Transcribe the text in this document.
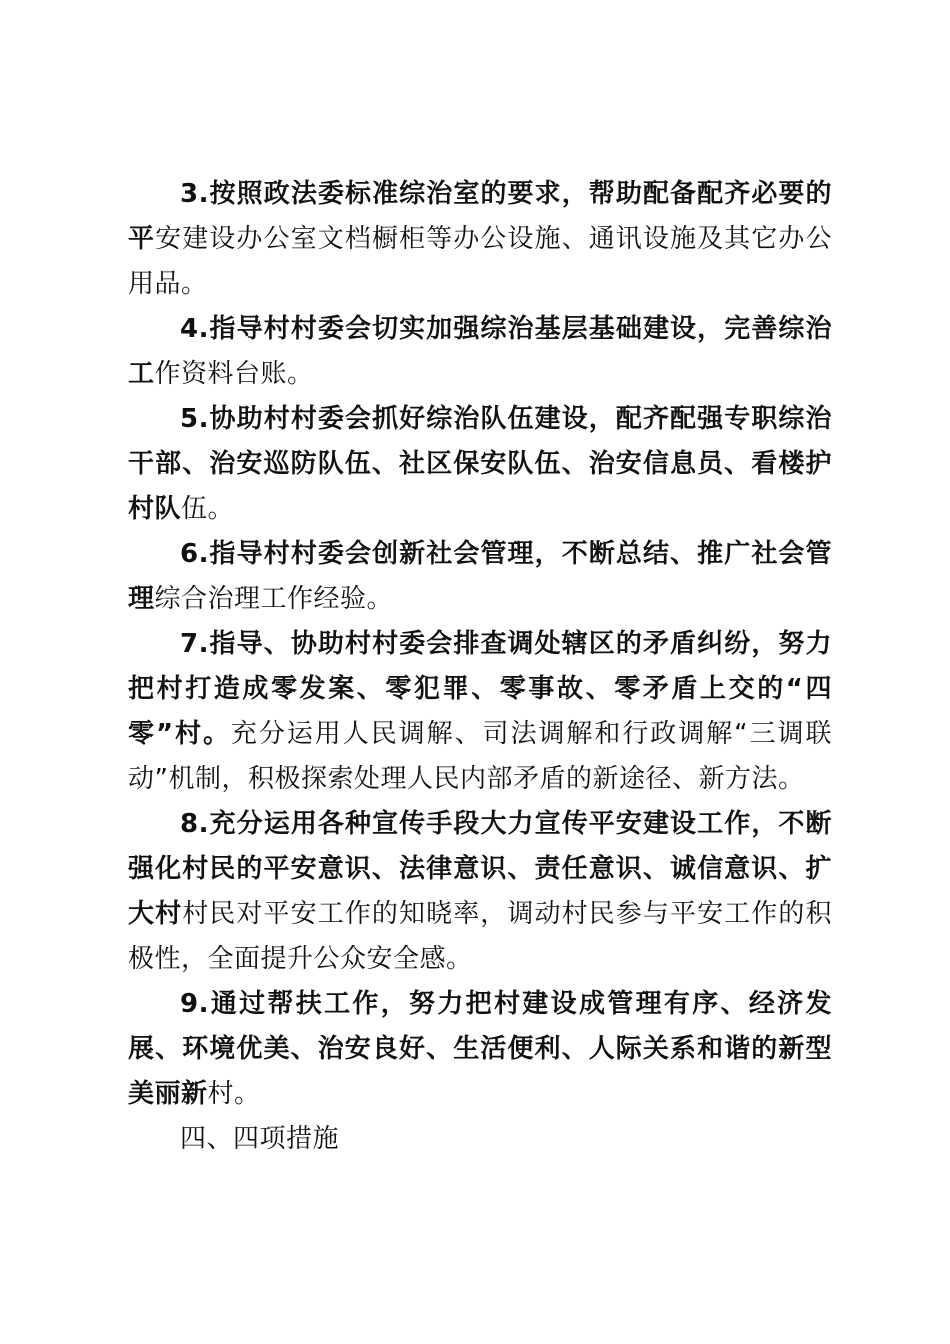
3.按照政法委标准综治室的要求，帮助配备配齐必要的平安建设办公室文档橱柜等办公设施、通讯设施及其它办公用品。

4.指导村村委会切实加强综治基层基础建设，完善综治工作资料台账。

5.协助村村委会抓好综治队伍建设，配齐配强专职综治干部、治安巡防队伍、社区保安队伍、治安信息员、看楼护村队伍。

6.指导村村委会创新社会管理，不断总结、推广社会管理综合治理工作经验。

7.指导、协助村村委会排查调处辖区的矛盾纠纷，努力把村打造成零发案、零犯罪、零事故、零矛盾上交的“四零”村。充分运用人民调解、司法调解和行政调解“三调联动”机制，积极探索处理人民内部矛盾的新途径、新方法。

8.充分运用各种宣传手段大力宣传平安建设工作，不断强化村民的平安意识、法律意识、责任意识、诚信意识、扩大村村民对平安工作的知晓率，调动村民参与平安工作的积极性，全面提升公众安全感。

9.通过帮扶工作，努力把村建设成管理有序、经济发展、环境优美、治安良好、生活便利、人际关系和谐的新型美丽新村。

四、四项措施
